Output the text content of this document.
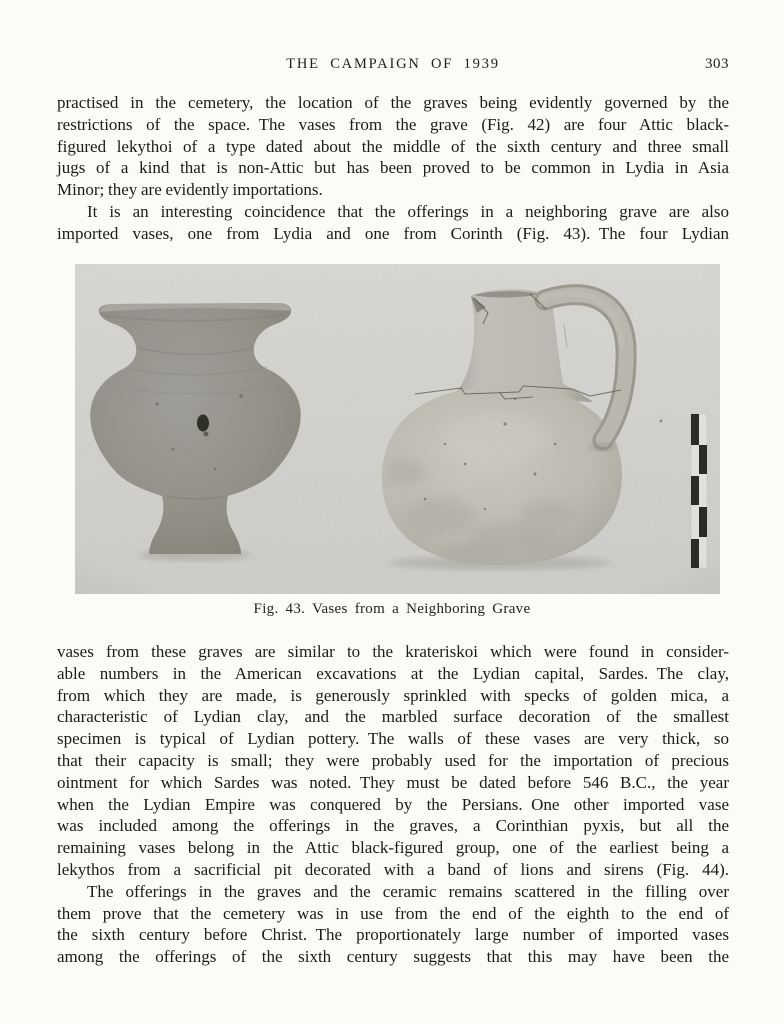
THE CAMPAIGN OF 1939	303
practised in the cemetery, the location of the graves being evidently governed by the
restrictions of the space. The vases from the grave (Fig. 42) are four Attic black-
figured lekythoi of a type dated about the middle of the sixth century and three small
jugs of a kind that is non-Attic but has been proved to be common in Lydia in Asia
Minor; they are evidently importations.
It is an interesting coincidence that the offerings in a neighboring grave are also
imported vases, one from Lydia and one from Corinth (Fig. 43). The four Lydian
Fig. 43. Vases from a Neighboring Grave
vases from these graves are similar to the krateriskoi which were found in consider-
able numbers in the American excavations at the Lydian capital, Sardes. The clay,
from which they are made, is generously sprinkled with specks of golden mica, a
characteristic of Lydian clay, and the marbled surface decoration of the smallest
specimen is typical of Lydian pottery. The walls of these vases are very thick, so
that their capacity is small; they were probably used for the importation of precious
ointment for which Sardes was noted. They must be dated before 546 B.C., the year
when the Lydian Empire was conquered by the Persians. One other imported vase
was included among the offerings in the graves, a Corinthian pyxis, but all the
remaining vases belong in the Attic black-figured group, one of the earliest being a
lekythos from a sacrificial pit decorated with a band of lions and sirens (Fig. 44).
The offerings in the graves and the ceramic remains scattered in the filling over
them prove that the cemetery was in use from the end of the eighth to the end of
the sixth century before Christ. The proportionately large number of imported vases
among the offerings of the sixth century suggests that this may have been the
